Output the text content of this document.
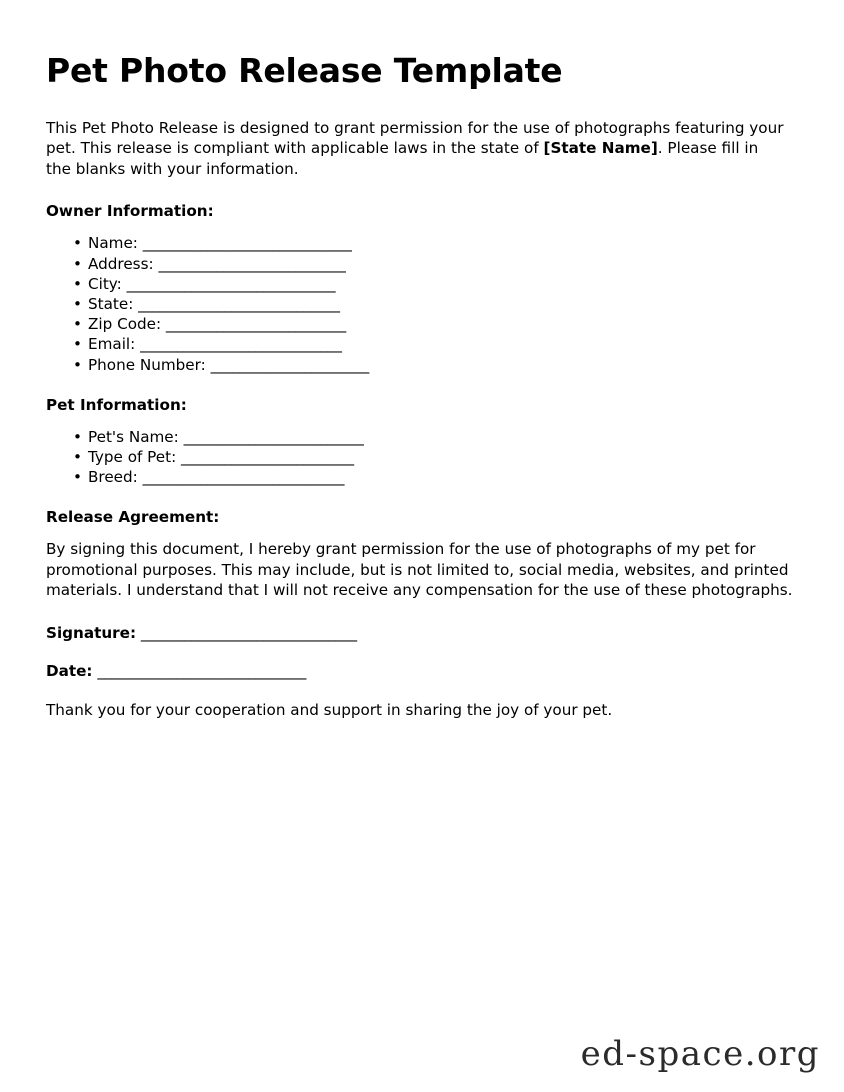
Pet Photo Release Template

This Pet Photo Release is designed to grant permission for the use of photographs featuring your pet. This release is compliant with applicable laws in the state of [State Name]. Please fill in the blanks with your information.

Owner Information:
• Name: _____________________________
• Address: __________________________
• City: _____________________________
• State: ____________________________
• Zip Code: _________________________
• Email: ____________________________
• Phone Number: ______________________
Pet Information:
• Pet's Name: _________________________
• Type of Pet: ________________________
• Breed: ____________________________
Release Agreement:

By signing this document, I hereby grant permission for the use of photographs of my pet for promotional purposes. This may include, but is not limited to, social media, websites, and printed materials. I understand that I will not receive any compensation for the use of these photographs.

Signature: ______________________________

Date: _____________________________

Thank you for your cooperation and support in sharing the joy of your pet.

ed-space.org
